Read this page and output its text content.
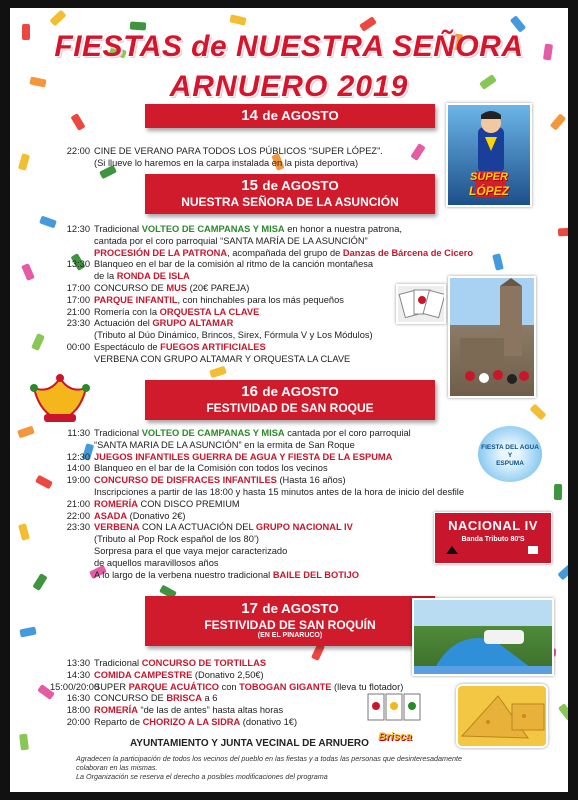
FIESTAS de NUESTRA SEÑORA
ARNUERO 2019
14 de AGOSTO
22:00 CINE DE VERANO PARA TODOS LOS PÚBLICOS “SUPER LÓPEZ”.
(Si llueve lo haremos en la carpa instalada en la pista deportiva)
SUPER
LÓPEZ
15 de AGOSTO
NUESTRA SEÑORA DE LA ASUNCIÓN
12:30 Tradicional VOLTEO DE CAMPANAS Y MISA en honor a nuestra patrona,
cantada por el coro parroquial “SANTA MARÍA DE LA ASUNCIÓN”
PROCESIÓN DE LA PATRONA, acompañada del grupo de Danzas de Bárcena de Cicero
13:30 Blanqueo en el bar de la comisión al ritmo de la canción montañesa
de la RONDA DE ISLA
17:00 CONCURSO DE MUS (20€ PAREJA)
17:00 PARQUE INFANTIL, con hinchables para los más pequeños
21:00 Romería con la ORQUESTA LA CLAVE
23:30 Actuación del GRUPO ALTAMAR
(Tributo al Dúo Dinámico, Brincos, Sirex, Fórmula V y Los Módulos)
00:00 Espectáculo de FUEGOS ARTIFICIALES
VERBENA CON GRUPO ALTAMAR Y ORQUESTA LA CLAVE
16 de AGOSTO
FESTIVIDAD DE SAN ROQUE
11:30 Tradicional VOLTEO DE CAMPANAS Y MISA cantada por el coro parroquial
“SANTA MARIA DE LA ASUNCIÓN” en la ermita de San Roque
12:30 JUEGOS INFANTILES GUERRA DE AGUA Y FIESTA DE LA ESPUMA
14:00 Blanqueo en el bar de la Comisión con todos los vecinos
19:00 CONCURSO DE DISFRACES INFANTILES (Hasta 16 años)
Inscripciones a partir de las 18:00 y hasta 15 minutos antes de la hora de inicio del desfile
21:00 ROMERÍA CON DISCO PREMIUM
22:00 ASADA (Donativo 2€)
23:30 VERBENA CON LA ACTUACIÓN DEL GRUPO NACIONAL IV
(Tributo al Pop Rock español de los 80’)
Sorpresa para el que vaya mejor caracterizado
de aquellos maravillosos años
A lo largo de la verbena nuestro tradicional BAILE DEL BOTIJO
FIESTA DEL AGUA
Y
ESPUMA
NACIONAL IV
Banda Tributo 80'S
17 de AGOSTO
FESTIVIDAD DE SAN ROQUÍN
(EN EL PINARUCO)
13:30 Tradicional CONCURSO DE TORTILLAS
14:30 COMIDA CAMPESTRE (Donativo 2,50€)
15:00/20:00
SUPER PARQUE ACUÁTICO con TOBOGAN GIGANTE (lleva tu flotador)
16:30 CONCURSO DE BRISCA a 6
18:00 ROMERÍA “de las de antes” hasta altas horas
20:00 Reparto de CHORIZO A LA SIDRA (donativo 1€)
Brisca
AYUNTAMIENTO Y JUNTA VECINAL DE ARNUERO
Agradecen la participación de todos los vecinos del pueblo en las fiestas y a todas las personas que desinteresadamente
colaboran en las mismas.
La Organización se reserva el derecho a posibles modificaciones del programa
